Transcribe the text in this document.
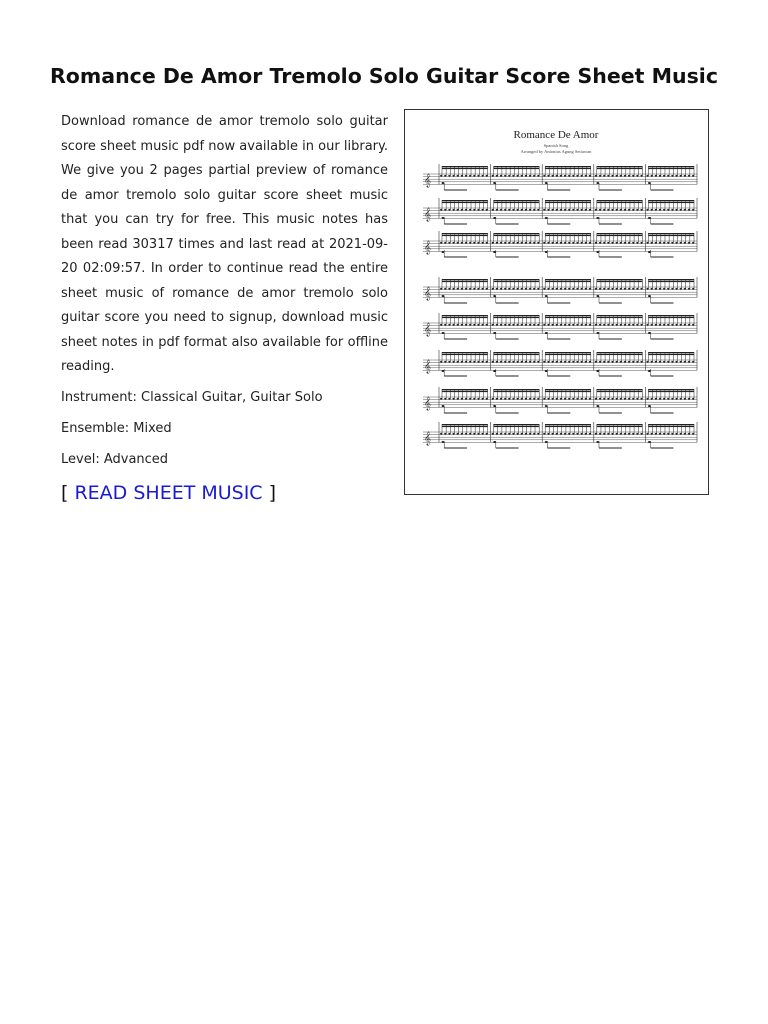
Romance De Amor Tremolo Solo Guitar Score Sheet Music

Download romance de amor tremolo solo guitar score sheet music pdf now available in our library. We give you 2 pages partial preview of romance de amor tremolo solo guitar score sheet music that you can try for free. This music notes has been read 30317 times and last read at 2021-09-20 02:09:57. In order to continue read the entire sheet music of romance de amor tremolo solo guitar score you need to signup, download music sheet notes in pdf format also available for offline reading.

Instrument: Classical Guitar, Guitar Solo

Ensemble: Mixed

Level: Advanced

[ READ SHEET MUSIC ]

Romance De Amor
Spanish Song
Arranged by Antonius Agung Setiawan
𝄞
𝄞
𝄞
𝄞
𝄞
𝄞
𝄞
𝄞
